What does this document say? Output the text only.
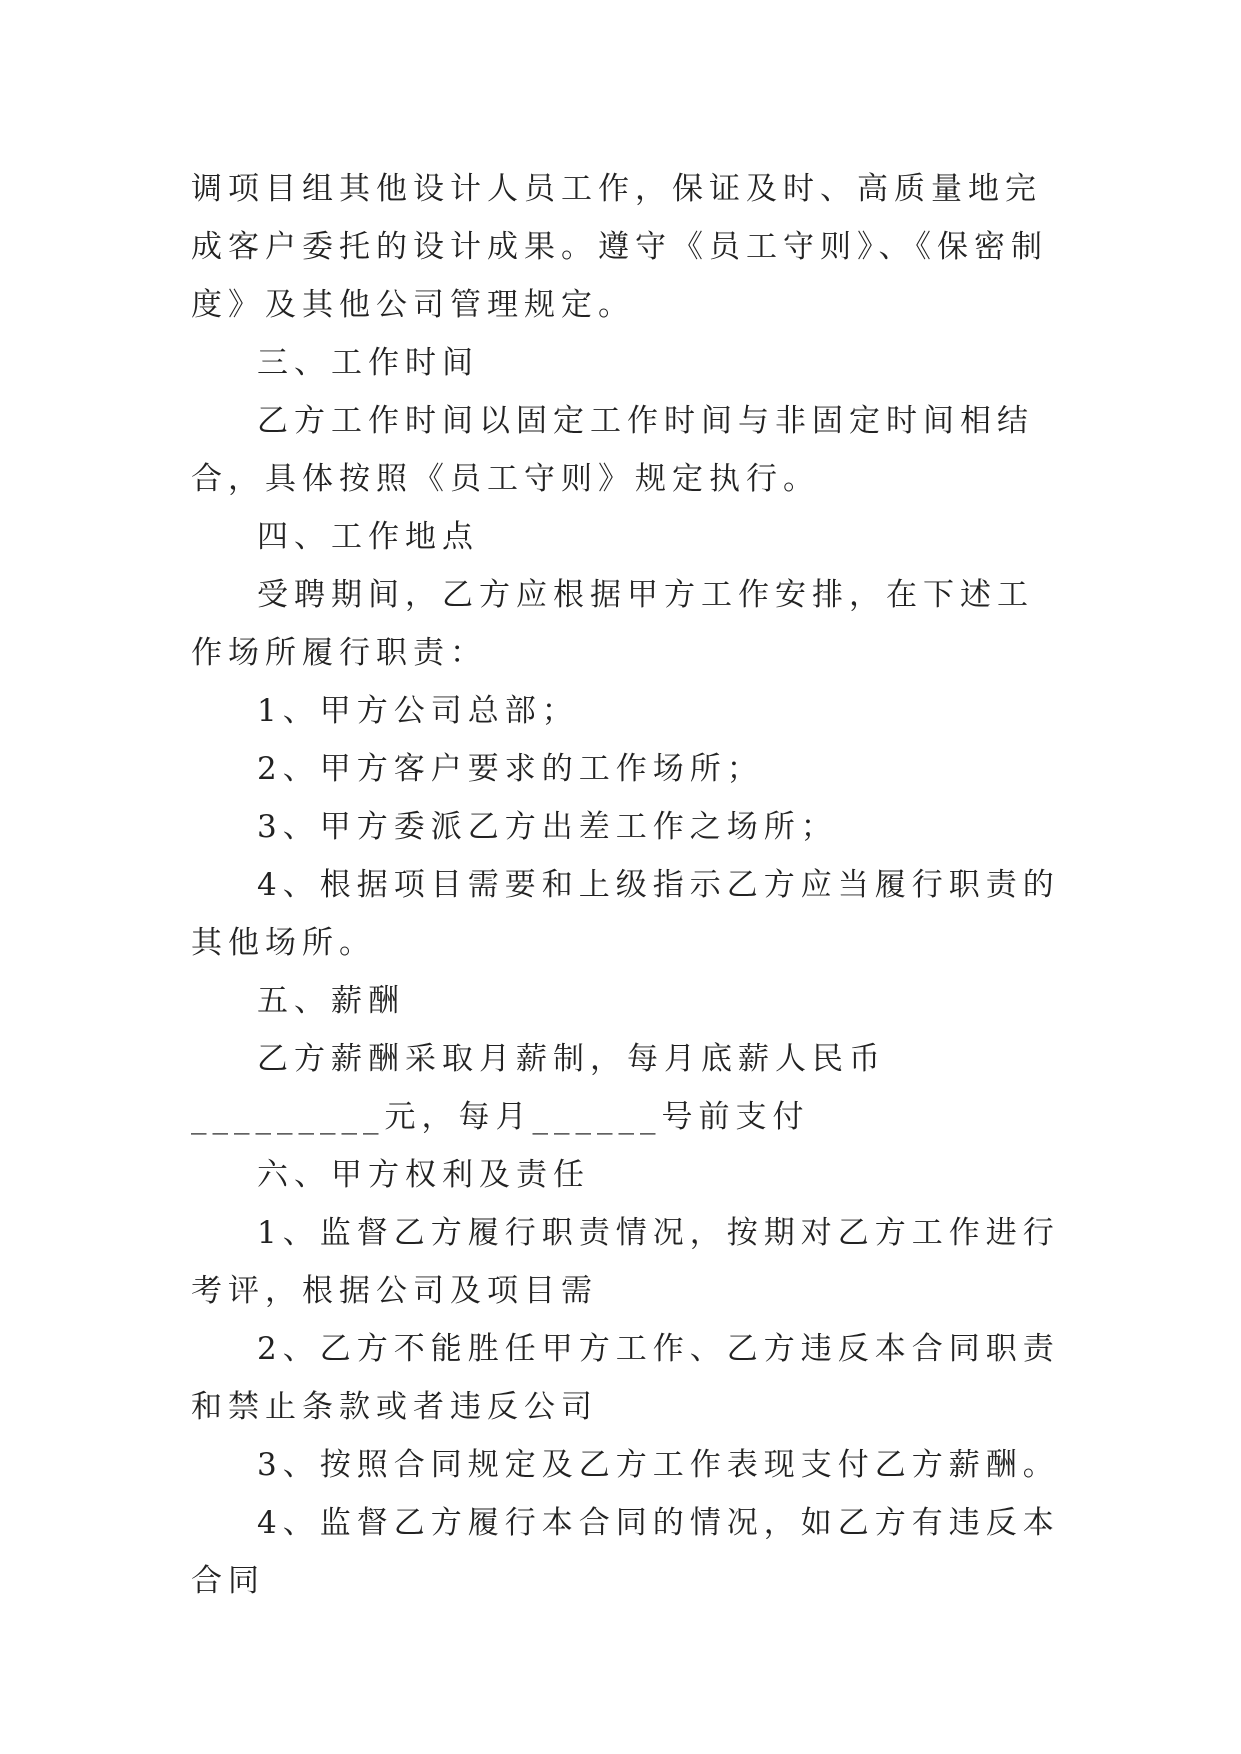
调项目组其他设计人员工作，保证及时、高质量地完成客户委托的设计成果。遵守《员工守则》、《保密制度》及其他公司管理规定。

三、工作时间

乙方工作时间以固定工作时间与非固定时间相结合，具体按照《员工守则》规定执行。

四、工作地点

受聘期间，乙方应根据甲方工作安排，在下述工作场所履行职责：

1、甲方公司总部；

2、甲方客户要求的工作场所；

3、甲方委派乙方出差工作之场所；

4、根据项目需要和上级指示乙方应当履行职责的其他场所。

五、薪酬

乙方薪酬采取月薪制，每月底薪人民币_________元，每月______号前支付

六、甲方权利及责任

1、监督乙方履行职责情况，按期对乙方工作进行考评，根据公司及项目需

2、乙方不能胜任甲方工作、乙方违反本合同职责和禁止条款或者违反公司

3、按照合同规定及乙方工作表现支付乙方薪酬。

4、监督乙方履行本合同的情况，如乙方有违反本合同
